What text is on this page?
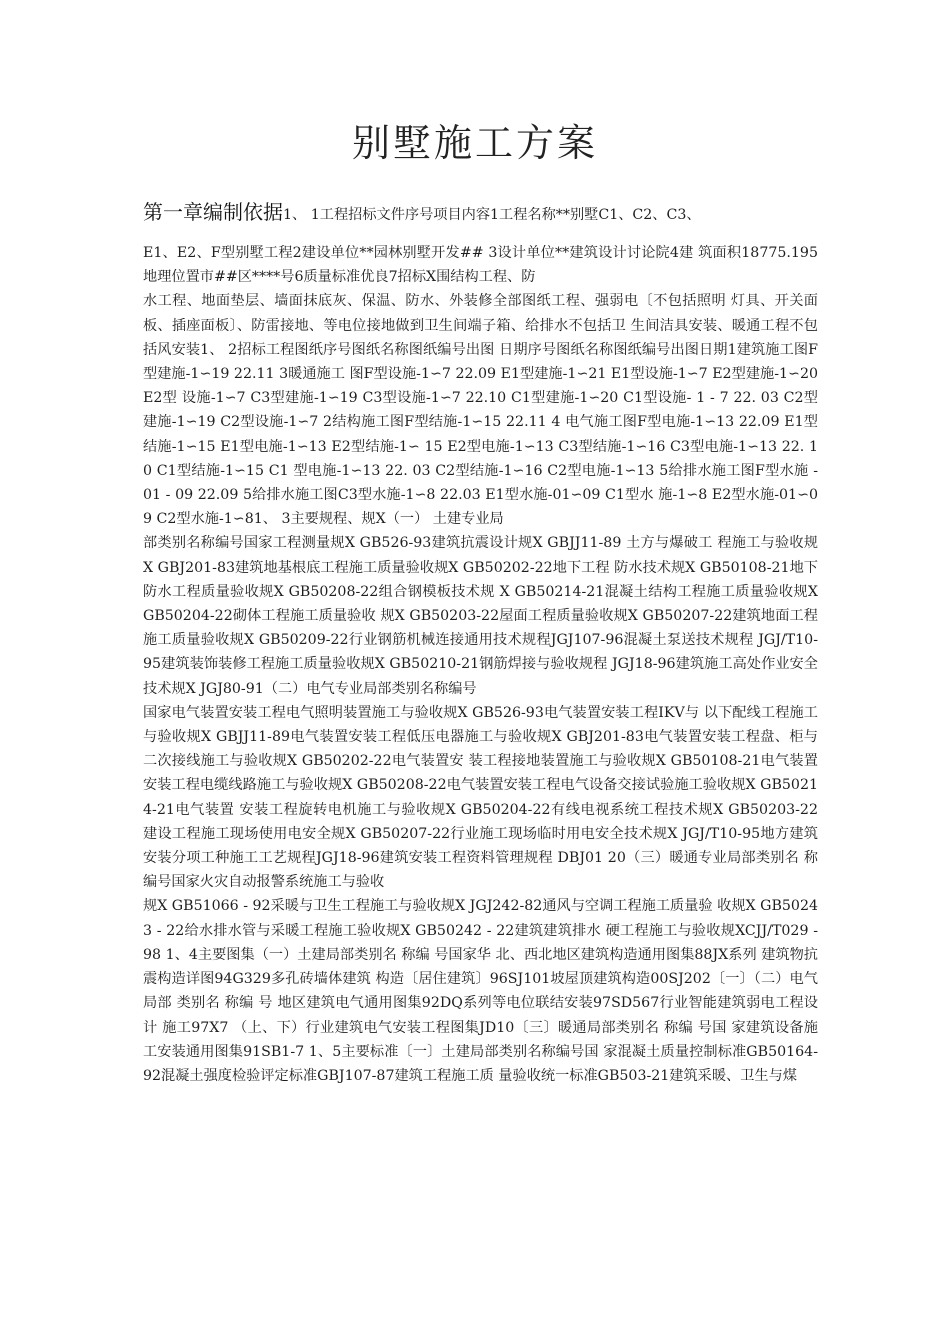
别墅施工方案

第一章编制依据1、 1工程招标文件序号项目内容1工程名称**别墅C1、C2、C3、

E1、E2、F型别墅工程2建设单位**园林别墅开发## 3设计单位**建筑设计讨论院4建 筑面积18775.195地理位置市##区****号6质量标准优良7招标X围结构工程、防

水工程、地面垫层、墙面抹底灰、保温、防水、外装修全部图纸工程、强弱电〔不包括照明 灯具、开关面板、插座面板〕、防雷接地、等电位接地做到卫生间端子箱、给排水不包括卫 生间洁具安装、暖通工程不包括风安装1、 2招标工程图纸序号图纸名称图纸编号出图 日期序号图纸名称图纸编号出图日期1建筑施工图F型建施-1∽19 22.11 3暖通施工 图F型设施-1∽7 22.09 E1型建施-1∽21 E1型设施-1∽7 E2型建施-1∽20 E2型 设施-1∽7 C3型建施-1∽19 C3型设施-1∽7 22.10 C1型建施-1∽20 C1型设施- 1 - 7 22. 03 C2型建施-1∽19 C2型设施-1∽7 2结构施工图F型结施-1∽15 22.11 4 电气施工图F型电施-1∽13 22.09 E1型结施-1∽15 E1型电施-1∽13 E2型结施-1∽ 15 E2型电施-1∽13 C3型结施-1∽16 C3型电施-1∽13 22. 10 C1型结施-1∽15 C1 型电施-1∽13 22. 03 C2型结施-1∽16 C2型电施-1∽13 5给排水施工图F型水施 - 01 - 09 22.09 5给排水施工图C3型水施-1∽8 22.03 E1型水施-01∽09 C1型水 施-1∽8 E2型水施-01∽09 C2型水施-1∽81、 3主要规程、规X（一） 土建专业局

部类别名称编号国家工程测量规X GB526-93建筑抗震设计规X GBJJ11-89 土方与爆破工 程施工与验收规X GBJ201-83建筑地基根底工程施工质量验收规X GB50202-22地下工程 防水技术规X GB50108-21地下防水工程质量验收规X GB50208-22组合钢模板技术规 X GB50214-21混凝土结构工程施工质量验收规X GB50204-22砌体工程施工质量验收 规X GB50203-22屋面工程质量验收规X GB50207-22建筑地面工程施工质量验收规X GB50209-22行业钢筋机械连接通用技术规程JGJ107-96混凝土泵送技术规程 JGJ/T10-95建筑装饰装修工程施工质量验收规X GB50210-21钢筋焊接与验收规程 JGJ18-96建筑施工高处作业安全技术规X JGJ80-91（二）电气专业局部类别名称编号

国家电气装置安装工程电气照明装置施工与验收规X GB526-93电气装置安装工程IKV与 以下配线工程施工与验收规X GBJJ11-89电气装置安装工程低压电器施工与验收规X GBJ201-83电气装置安装工程盘、柜与二次接线施工与验收规X GB50202-22电气装置安 装工程接地装置施工与验收规X GB50108-21电气装置安装工程电缆线路施工与验收规X GB50208-22电气装置安装工程电气设备交接试验施工验收规X GB50214-21电气装置 安装工程旋转电机施工与验收规X GB50204-22有线电视系统工程技术规X GB50203-22 建设工程施工现场使用电安全规X GB50207-22行业施工现场临时用电安全技术规X JGJ/T10-95地方建筑安装分项工种施工工艺规程JGJ18-96建筑安装工程资料管理规程 DBJ01 20（三）暖通专业局部类别名 称编号国家火灾自动报警系统施工与验收

规X GB51066 - 92采暖与卫生工程施工与验收规X JGJ242-82通风与空调工程施工质量验 收规X GB50243 - 22给水排水管与采暖工程施工验收规X GB50242 - 22建筑建筑排水 硬工程施工与验收规XCJJ/T029 - 98 1、4主要图集（一）土建局部类别名 称编 号国家华 北、西北地区建筑构造通用图集88JX系列 建筑物抗震构造详图94G329多孔砖墙体建筑 构造〔居住建筑〕96SJ101坡屋顶建筑构造00SJ202〔一〕（二）电气局部 类别名 称编 号 地区建筑电气通用图集92DQ系列等电位联结安装97SD567行业智能建筑弱电工程设计 施工97X7 （上、下）行业建筑电气安装工程图集JD10〔三〕暖通局部类别名 称编 号国 家建筑设备施工安装通用图集91SB1-7 1、5主要标准〔一〕土建局部类别名称编号国 家混凝土质量控制标准GB50164-92混凝土强度检验评定标准GBJ107-87建筑工程施工质 量验收统一标准GB503-21建筑采暖、卫生与煤
